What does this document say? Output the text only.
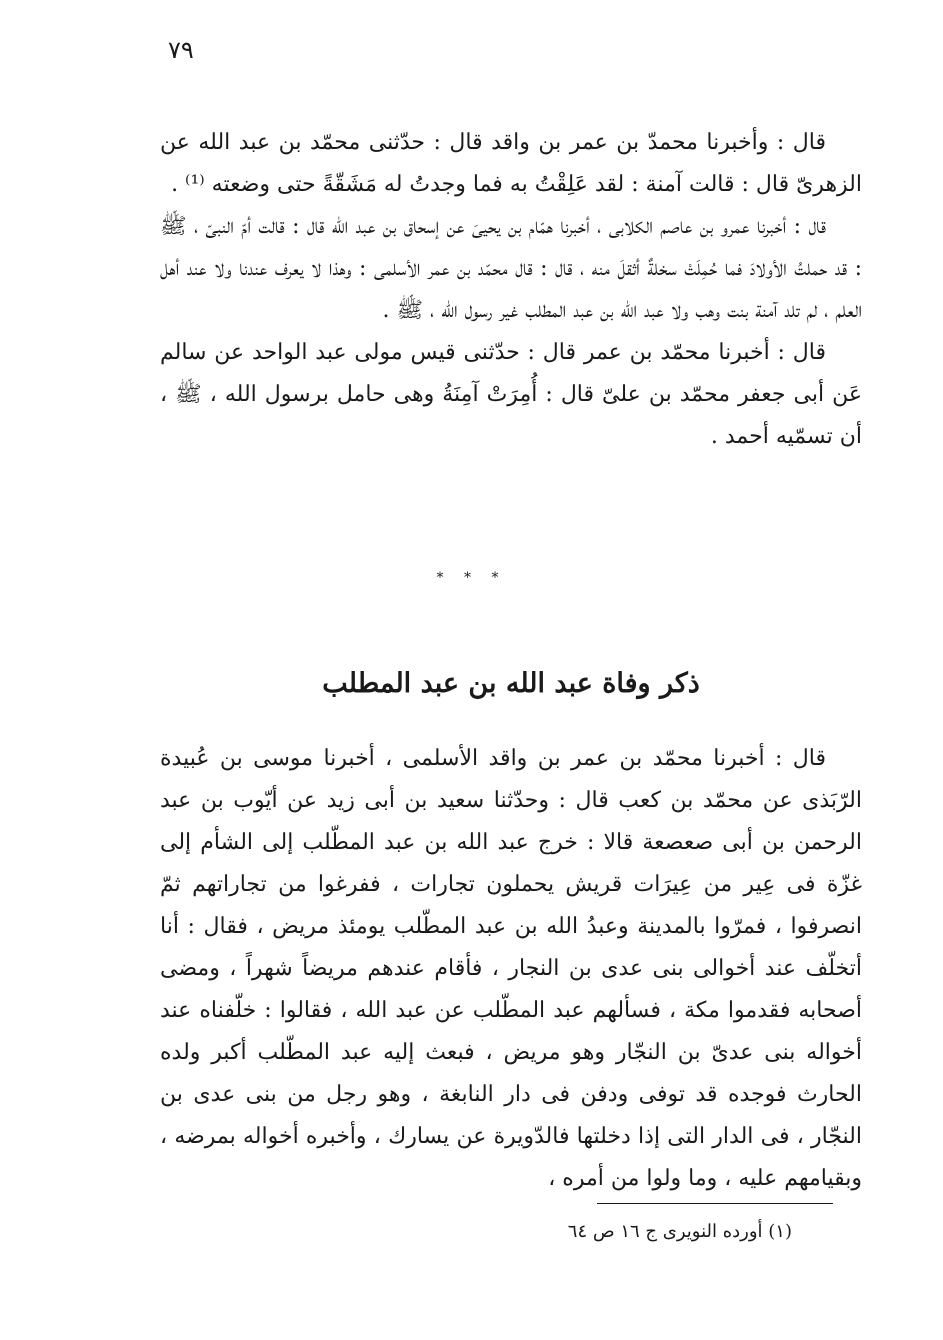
٧٩

قال : وأخبرنا محمدّ بن عمر بن واقد قال : حدّثنى محمّد بن عبد الله عن الزهرىّ قال : قالت آمنة : لقد عَلِقْتُ به فما وجدتُ له مَشَقّةً حتى وضعته ⁽¹⁾ .

قال : أخبرنا عمرو بن عاصم الكلابى ، أخبرنا همّام بن يحيىَ عن إسحاق بن عبد الله قال : قالت أمّ النبىّ ، ﷺ : قد حملتُ الأولادَ فما حُمِلَتْ سخلةٌ أثقلَ منه ، قال : قال محمّد بن عمر الأسلمى : وهذا لا يعرف عندنا ولا عند أهل العلم ، لم تلد آمنة بنت وهب ولا عبد الله بن عبد المطلب غير رسول الله ، ﷺ .

قال : أخبرنا محمّد بن عمر قال : حدّثنى قيس مولى عبد الواحد عن سالم عَن أبى جعفر محمّد بن علىّ قال : أُمِرَتْ آمِنَةُ وهى حامل برسول الله ، ﷺ ، أن تسمّيه أحمد .

* * *
ذكر وفاة عبد الله بن عبد المطلب

قال : أخبرنا محمّد بن عمر بن واقد الأسلمى ، أخبرنا موسى بن عُبيدة الرّبَذى عن محمّد بن كعب قال : وحدّثنا سعيد بن أبى زيد عن أيّوب بن عبد الرحمن بن أبى صعصعة قالا : خرج عبد الله بن عبد المطّلب إلى الشأم إلى غزّة فى عِير من عِيرَات قريش يحملون تجارات ، ففرغوا من تجاراتهم ثمّ انصرفوا ، فمرّوا بالمدينة وعبدُ الله بن عبد المطّلب يومئذ مريض ، فقال : أنا أتخلّف عند أخوالى بنى عدى بن النجار ، فأقام عندهم مريضاً شهراً ، ومضى أصحابه فقدموا مكة ، فسألهم عبد المطّلب عن عبد الله ، فقالوا : خلّفناه عند أخواله بنى عدىّ بن النجّار وهو مريض ، فبعث إليه عبد المطّلب أكبر ولده الحارث فوجده قد توفى ودفن فى دار النابغة ، وهو رجل من بنى عدى بن النجّار ، فى الدار التى إذا دخلتها فالدّويرة عن يسارك ، وأخبره أخواله بمرضه ، وبقيامهم عليه ، وما ولوا من أمره ،

(١) أورده النويرى ج ١٦ ص ٦٤
